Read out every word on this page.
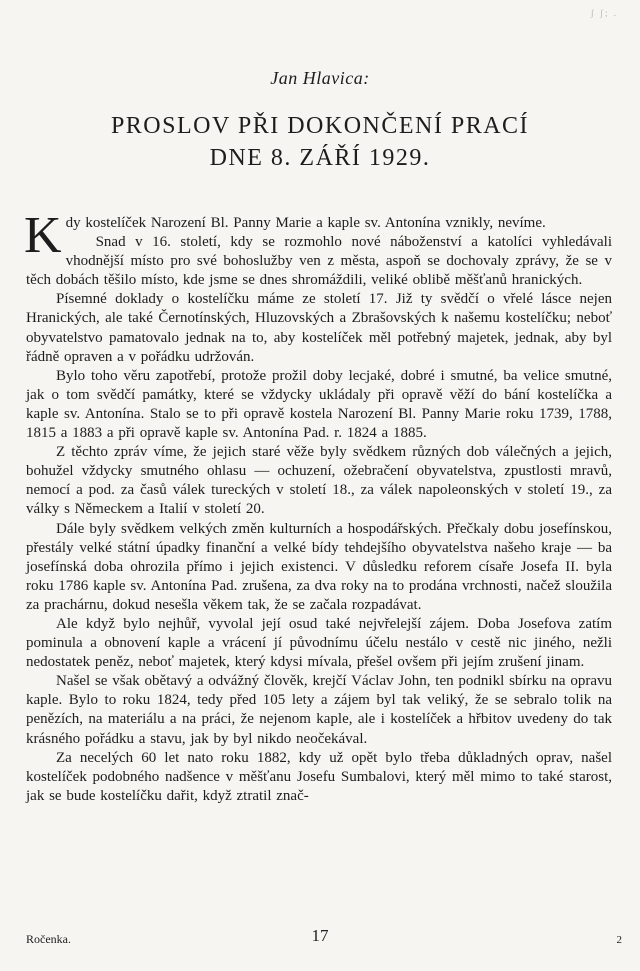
ʃ ʃ; .
Jan Hlavica:
PROSLOV PŘI DOKONČENÍ PRACÍ
DNE 8. ZÁŘÍ 1929.

Kdy kostelíček Narození Bl. Panny Marie a kaple sv. Antonína vznikly, nevíme.

Snad v 16. století, kdy se rozmohlo nové náboženství a katolíci vyhledávali vhodnější místo pro své bohoslužby ven z města, aspoň se dochovaly zprávy, že se v těch dobách těšilo místo, kde jsme se dnes shromáždili, veliké oblibě měšťanů hranických.

Písemné doklady o kostelíčku máme ze století 17. Již ty svědčí o vřelé lásce nejen Hranických, ale také Černotínských, Hluzovských a Zbrašovských k našemu kostelíčku; neboť obyvatelstvo pamatovalo jednak na to, aby kostelíček měl potřebný majetek, jednak, aby byl řádně opraven a v pořádku udržován.

Bylo toho věru zapotřebí, protože prožil doby lecjaké, dobré i smutné, ba velice smutné, jak o tom svědčí památky, které se vždycky ukládaly při opravě věží do bání kostelíčka a kaple sv. Antonína. Stalo se to při opravě kostela Narození Bl. Panny Marie roku 1739, 1788, 1815 a 1883 a při opravě kaple sv. Antonína Pad. r. 1824 a 1885.

Z těchto zpráv víme, že jejich staré věže byly svědkem různých dob válečných a jejich, bohužel vždycky smutného ohlasu — ochuzení, ožebračení obyvatelstva, zpustlosti mravů, nemocí a pod. za časů válek tureckých v století 18., za válek napoleonských v století 19., za války s Německem a Italií v století 20.

Dále byly svědkem velkých změn kulturních a hospodářských. Přečkaly dobu josefínskou, přestály velké státní úpadky finanční a velké bídy tehdejšího obyvatelstva našeho kraje — ba josefínská doba ohrozila přímo i jejich existenci. V důsledku reforem císaře Josefa II. byla roku 1786 kaple sv. Antonína Pad. zrušena, za dva roky na to prodána vrchnosti, načež sloužila za prachárnu, dokud nesešla věkem tak, že se začala rozpadávat.

Ale když bylo nejhůř, vyvolal její osud také nejvřelejší zájem. Doba Josefova zatím pominula a obnovení kaple a vrácení jí původnímu účelu nestálo v cestě nic jiného, nežli nedostatek peněz, neboť majetek, který kdysi mívala, přešel ovšem při jejím zrušení jinam.

Našel se však obětavý a odvážný člověk, krejčí Václav John, ten podnikl sbírku na opravu kaple. Bylo to roku 1824, tedy před 105 lety a zájem byl tak veliký, že se sebralo tolik na penězích, na materiálu a na práci, že nejenom kaple, ale i kostelíček a hřbitov uvedeny do tak krásného pořádku a stavu, jak by byl nikdo neočekával.

Za necelých 60 let nato roku 1882, kdy už opět bylo třeba důkladných oprav, našel kostelíček podobného nadšence v měšťanu Josefu Sumbalovi, který měl mimo to také starost, jak se bude kostelíčku dařit, když ztratil znač-

Ročenka.	17	2
